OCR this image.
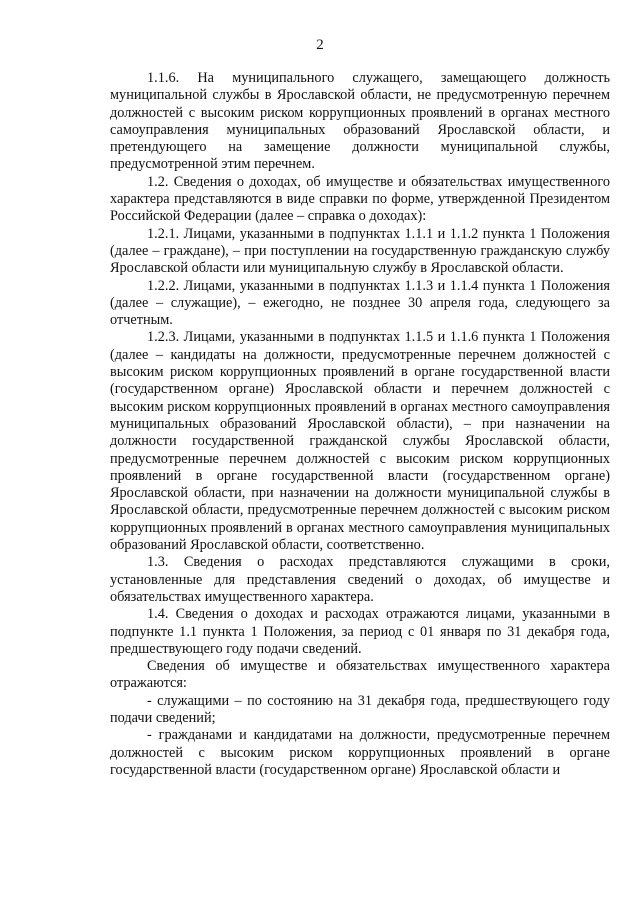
2

1.1.6. На муниципального служащего, замещающего должность муниципальной службы в Ярославской области, не предусмотренную перечнем должностей с высоким риском коррупционных проявлений в органах местного самоуправления муниципальных образований Ярославской области, и претендующего на замещение должности муниципальной службы, предусмотренной этим перечнем.

1.2. Сведения о доходах, об имуществе и обязательствах имущественного характера представляются в виде справки по форме, утвержденной Президентом Российской Федерации (далее – справка о доходах):

1.2.1. Лицами, указанными в подпунктах 1.1.1 и 1.1.2 пункта 1 Положения (далее – граждане), – при поступлении на государственную гражданскую службу Ярославской области или муниципальную службу в Ярославской области.

1.2.2. Лицами, указанными в подпунктах 1.1.3 и 1.1.4 пункта 1 Положения (далее – служащие), – ежегодно, не позднее 30 апреля года, следующего за отчетным.

1.2.3. Лицами, указанными в подпунктах 1.1.5 и 1.1.6 пункта 1 Положения (далее – кандидаты на должности, предусмотренные перечнем должностей с высоким риском коррупционных проявлений в органе государственной власти (государственном органе) Ярославской области и перечнем должностей с высоким риском коррупционных проявлений в органах местного самоуправления муниципальных образований Ярославской области), – при назначении на должности государственной гражданской службы Ярославской области, предусмотренные перечнем должностей с высоким риском коррупционных проявлений в органе государственной власти (государственном органе) Ярославской области, при назначении на должности муниципальной службы в Ярославской области, предусмотренные перечнем должностей с высоким риском коррупционных проявлений в органах местного самоуправления муниципальных образований Ярославской области, соответственно.

1.3. Сведения о расходах представляются служащими в сроки, установленные для представления сведений о доходах, об имуществе и обязательствах имущественного характера.

1.4. Сведения о доходах и расходах отражаются лицами, указанными в подпункте 1.1 пункта 1 Положения, за период с 01 января по 31 декабря года, предшествующего году подачи сведений.

Сведения об имуществе и обязательствах имущественного характера отражаются:

- служащими – по состоянию на 31 декабря года, предшествующего году подачи сведений;

- гражданами и кандидатами на должности, предусмотренные перечнем должностей с высоким риском коррупционных проявлений в органе государственной власти (государственном органе) Ярославской области и
